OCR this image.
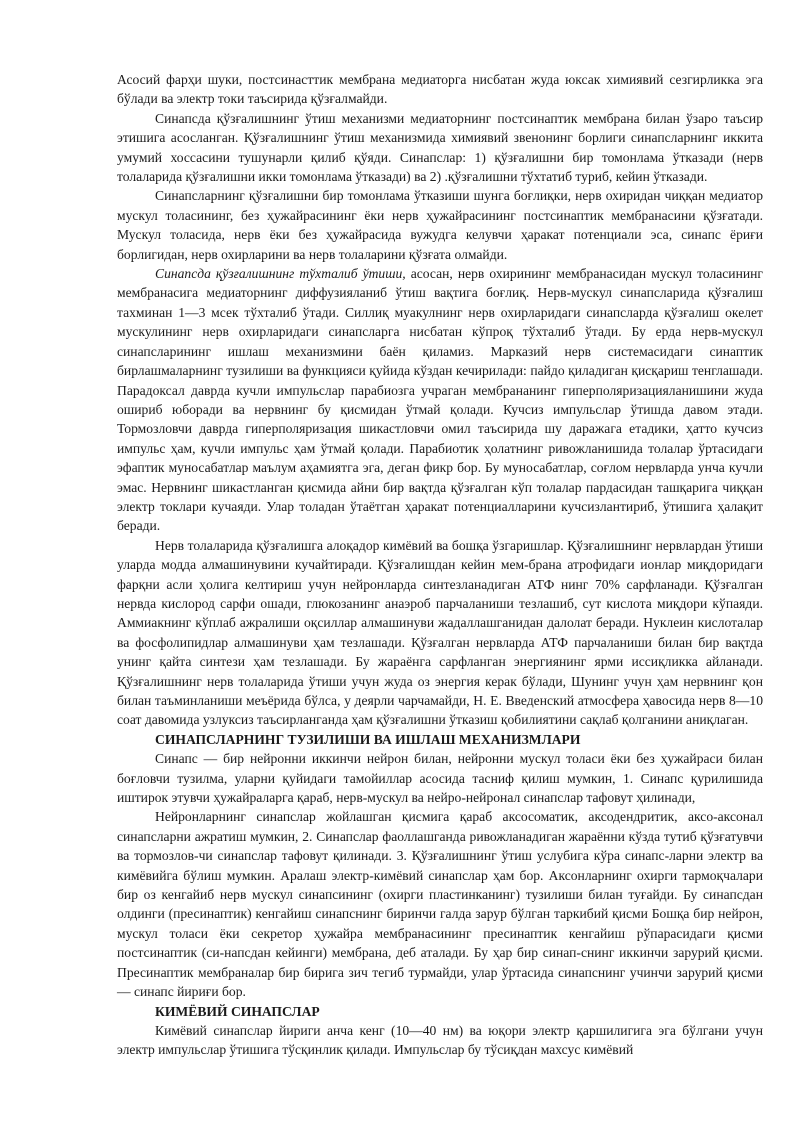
Асосий фарҳи шуки, постсинасттик мембрана медиаторга нисбатан жуда юксак химиявий сезгирликка эга бўлади ва электр токи таъсирида қўзғалмайди.

Синапсда қўзғалишнинг ўтиш механизми медиаторнинг постсинаптик мембрана билан ўзаро таъсир этишига асосланган. Қўзғалишнинг ўтиш механизмида химиявий звенонинг борлиги синапсларнинг иккита умумий хоссасини тушунарли қилиб қўяди. Синапслар: 1) қўзғалишни бир томонлама ўтказади (нерв толаларида қўзғалишни икки томонлама ўтказади) ва 2) .қўзғалишни тўхтатиб туриб, кейин ўтказади.

Синапсларнинг қўзғалишни бир томонлама ўтказиши шунга боғлиқки, нерв охиридан чиққан медиатор мускул толасининг, без ҳужайрасининг ёки нерв ҳужайрасининг постсинаптик мембранасини қўзғатади. Мускул толасида, нерв ёки без ҳужайрасида вужудга келувчи ҳаракат потенциали эса, синапс ёриғи борлигидан, нерв охирларини ва нерв толаларини қўзғата олмайди.

Синапсда қўзғалишнинг тўхталиб ўтиши, асосан, нерв охирининг мембранасидан мускул толасининг мембранасига медиаторнинг диффузияланиб ўтиш вақтига боғлиқ. Нерв-мускул синапсларида қўзғалиш тахминан 1—3 мсек тўхталиб ўтади. Силлиқ муакулнинг нерв охирларидаги синапсларда қўзғалиш окелет мускулининг нерв охирларидаги синапсларга нисбатан кўпроқ тўхталиб ўтади. Бу ерда нерв-мускул синапсларининг ишлаш механизмини баён қиламиз. Марказий нерв системасидаги синаптик бирлашмаларнинг тузилиши ва функцияси қуйида кўздан кечирилади: пайдо қиладиган қисқариш тенглашади. Парадоксал даврда кучли импульслар парабиозга учраган мембрананинг гиперполяризацияланишини жуда ошириб юборади ва нервнинг бу қисмидан ўтмай қолади. Кучсиз импульслар ўтишда давом этади. Тормозловчи даврда гиперполяризация шикастловчи омил таъсирида шу даражага етадики, ҳатто кучсиз импульс ҳам, кучли импульс ҳам ўтмай қолади. Парабиотик ҳолатнинг ривожланишида толалар ўртасидаги эфаптик муносабатлар маълум аҳамиятга эга, деган фикр бор. Бу муносабатлар, соғлом нервларда унча кучли эмас. Нервнинг шикастланган қисмида айни бир вақтда қўзғалган кўп толалар пардасидан ташқарига чиққан электр токлари кучаяди. Улар толадан ўтаётган ҳаракат потенциалларини кучсизлантириб, ўтишига ҳалақит беради.

Нерв толаларида қўзғалишга алоқадор кимёвий ва бошқа ўзгаришлар. Қўзғалишнинг нервлардан ўтиши уларда модда алмашинувини кучайтиради. Қўзғалишдан кейин мем-брана атрофидаги ионлар миқдоридаги фарқни асли ҳолига келтириш учун нейронларда синтезланадиган АТФ нинг 70% сарфланади. Қўзғалган нервда кислород сарфи ошади, глюкозанинг анаэроб парчаланиши тезлашиб, сут кислота миқдори кўпаяди. Аммиакнинг кўплаб ажралиши оқсиллар алмашинуви жадаллашганидан далолат беради. Нуклеин кислоталар ва фосфолипидлар алмашинуви ҳам тезлашади. Қўзғалган нервларда АТФ парчаланиши билан бир вақтда унинг қайта синтези ҳам тезлашади. Бу жараёнга сарфланган энергиянинг ярми иссиқликка айланади. Қўзғалишнинг нерв толаларида ўтиши учун жуда оз энергия керак бўлади, Шунинг учун ҳам нервнинг қон билан таъминланиши меъёрида бўлса, у деярли чарчамайди, Н. Е. Введенский атмосфера ҳавосида нерв 8—10 соат давомида узлуксиз таъсирланганда ҳам қўзғалишни ўтказиш қобилиятини сақлаб қолганини аниқлаган.

СИНАПСЛАРНИНГ ТУЗИЛИШИ ВА ИШЛАШ МЕХАНИЗМЛАРИ

Синапс — бир нейронни иккинчи нейрон билан, нейронни мускул толаси ёки без ҳужайраси билан боғловчи тузилма, уларни қуйидаги тамойиллар асосида тасниф қилиш мумкин, 1. Синапс қурилишида иштирок этувчи ҳужайраларга қараб, нерв-мускул ва нейро-нейронал синапслар тафовут ҳилинади,

Нейронларнинг синапслар жойлашган қисмига қараб аксосоматик, аксодендритик, аксо-аксонал синапсларни ажратиш мумкин, 2. Синапслар фаоллашганда ривожланадиган жараённи кўзда тутиб қўзғатувчи ва тормозлов-чи синапслар тафовут қилинади. 3. Қўзғалишнинг ўтиш услубига кўра синапс-ларни электр ва кимёвийга бўлиш мумкин. Аралаш электр-кимёвий синапслар ҳам бор. Аксонларнинг охирги тармоқчалари бир оз кенгайиб нерв мускул синапсининг (охирги пластинканинг) тузилиши билан туғайди. Бу синапсдан олдинги (пресинаптик) кенгайиш синапснинг биринчи галда зарур бўлган таркибий қисми Бошқа бир нейрон, мускул толаси ёки секретор ҳужайра мембранасининг пресинаптик кенгайиш рўпарасидаги қисми постсинаптик (си-напсдан кейинги) мембрана, деб аталади. Бу ҳар бир синап-снинг иккинчи зарурий қисми. Пресинаптик мембраналар бир бирига зич тегиб турмайди, улар ўртасида синапснинг учинчи зарурий қисми — синапс йириғи бор.

КИМЁВИЙ СИНАПСЛАР

Кимёвий синапслар йириги анча кенг (10—40 нм) ва юқори электр қаршилигига эга бўлгани учун электр импульслар ўтишига тўсқинлик қилади. Импульслар бу тўсиқдан махсус кимёвий
